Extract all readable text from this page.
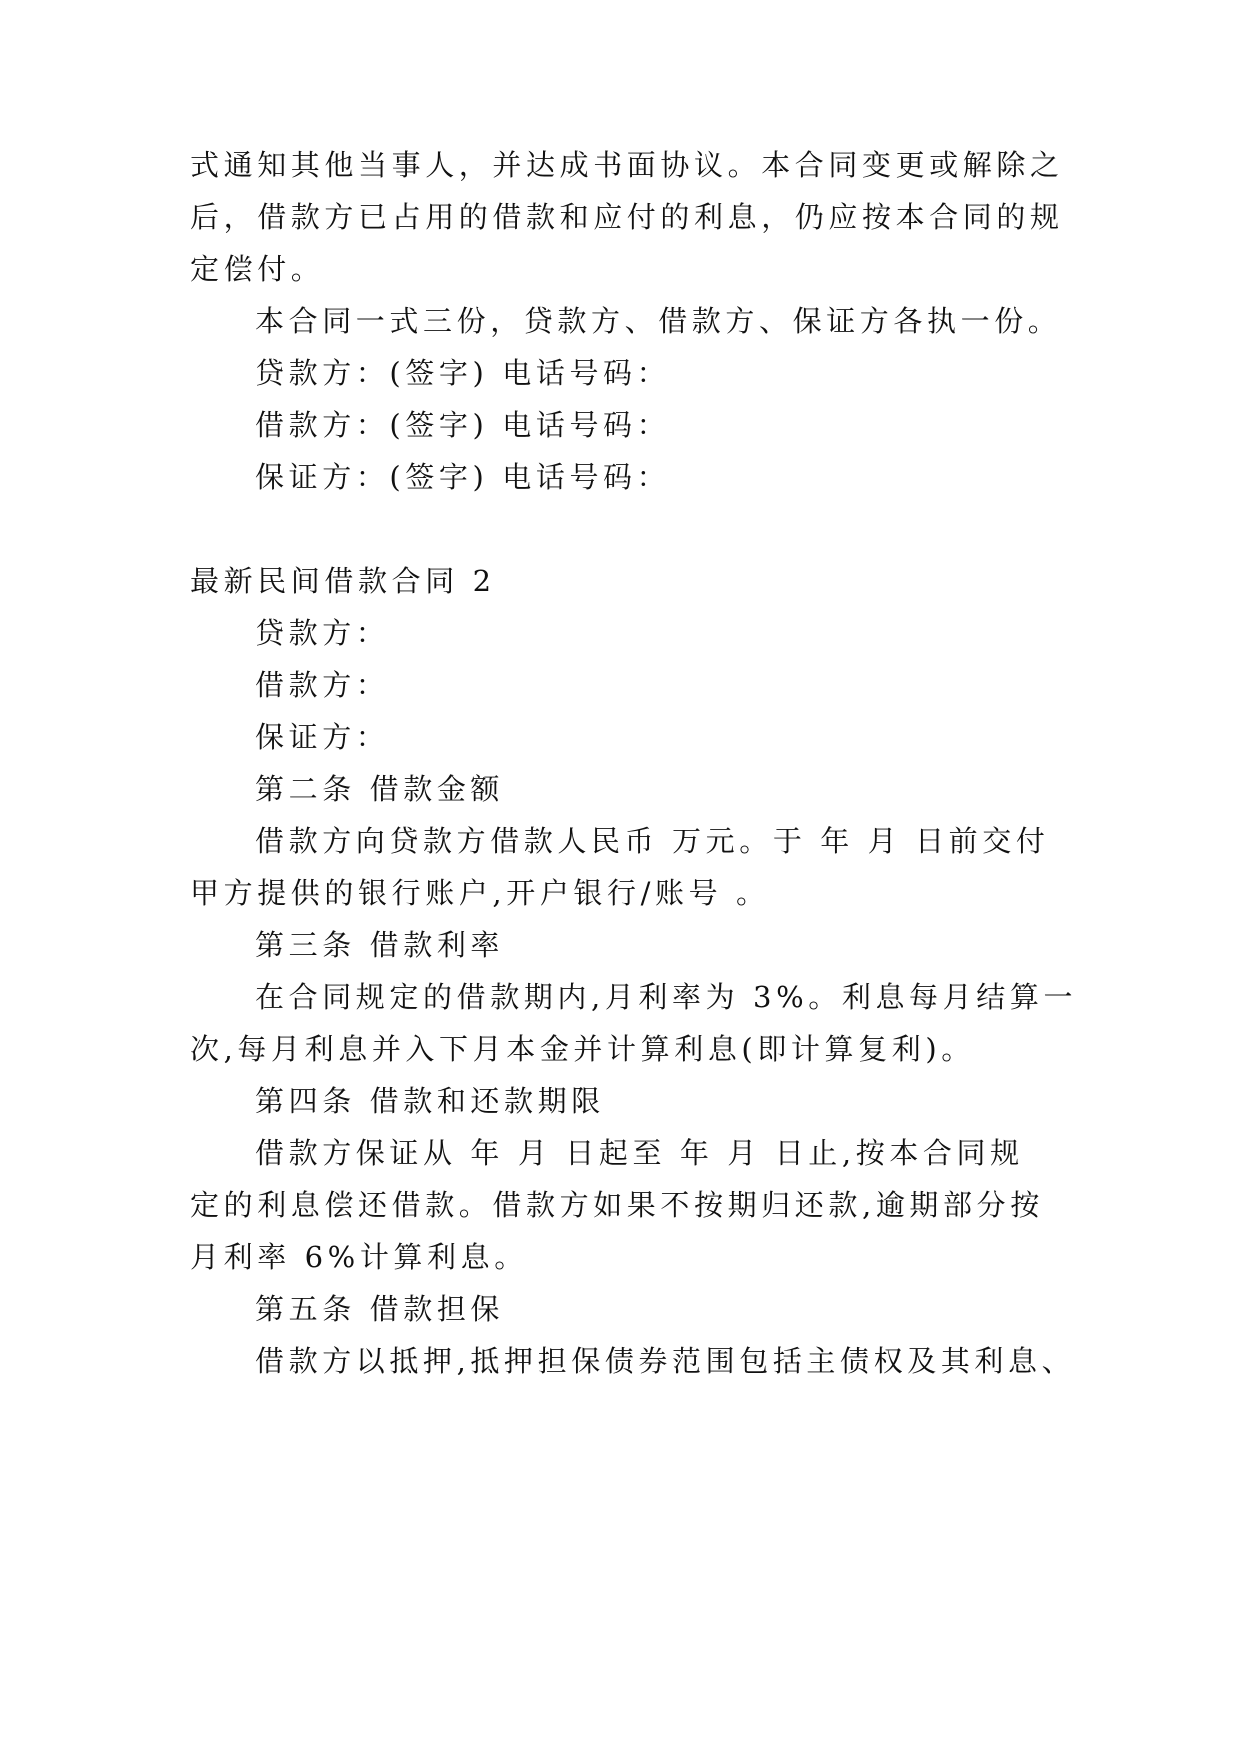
式通知其他当事人，并达成书面协议。本合同变更或解除之
后，借款方已占用的借款和应付的利息，仍应按本合同的规
定偿付。
本合同一式三份，贷款方、借款方、保证方各执一份。
贷款方：(签字) 电话号码：
借款方：(签字) 电话号码：
保证方：(签字) 电话号码：
最新民间借款合同 2
贷款方：
借款方：
保证方：
第二条 借款金额
借款方向贷款方借款人民币 万元。于 年 月 日前交付
甲方提供的银行账户,开户银行/账号 。
第三条 借款利率
在合同规定的借款期内,月利率为 3%。利息每月结算一
次,每月利息并入下月本金并计算利息(即计算复利)。
第四条 借款和还款期限
借款方保证从 年 月 日起至 年 月 日止,按本合同规
定的利息偿还借款。借款方如果不按期归还款,逾期部分按
月利率 6%计算利息。
第五条 借款担保
借款方以抵押,抵押担保债券范围包括主债权及其利息、
